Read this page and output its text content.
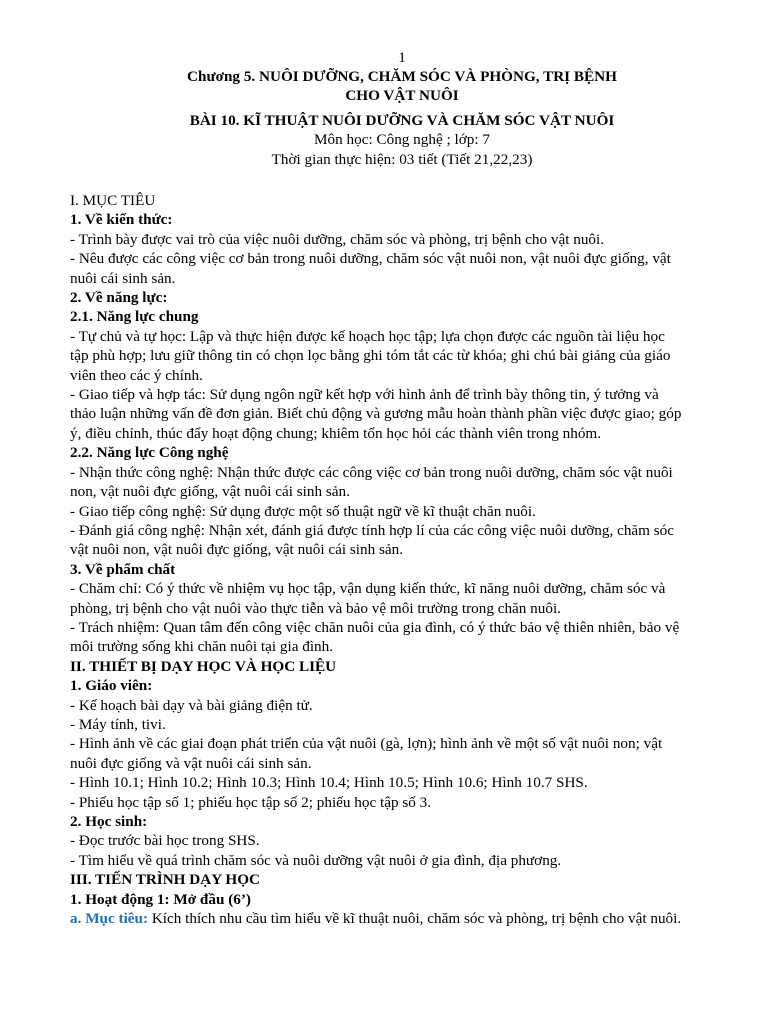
1
Chương 5. NUÔI DƯỠNG, CHĂM SÓC VÀ PHÒNG, TRỊ BỆNH
CHO VẬT NUÔI
BÀI 10. KĨ THUẬT NUÔI DƯỠNG VÀ CHĂM SÓC VẬT NUÔI
Môn học: Công nghệ ; lớp: 7
Thời gian thực hiện: 03 tiết (Tiết 21,22,23)
I. MỤC TIÊU
1. Về kiến thức:
- Trình bày được vai trò của việc nuôi dưỡng, chăm sóc và phòng, trị bệnh cho vật nuôi.
- Nêu được các công việc cơ bản trong nuôi dưỡng, chăm sóc vật nuôi non, vật nuôi đực giống, vật
nuôi cái sinh sản.
2. Về năng lực:
2.1. Năng lực chung
- Tự chủ và tự học: Lập và thực hiện được kế hoạch học tập; lựa chọn được các nguồn tài liệu học
tập phù hợp; lưu giữ thông tin có chọn lọc bằng ghi tóm tắt các từ khóa; ghi chú bài giảng của giáo
viên theo các ý chính.
- Giao tiếp và hợp tác: Sử dụng ngôn ngữ kết hợp với hình ảnh để trình bày thông tin, ý tưởng và
thảo luận những vấn đề đơn giản. Biết chủ động và gương mẫu hoàn thành phần việc được giao; góp
ý, điều chỉnh, thúc đẩy hoạt động chung; khiêm tốn học hỏi các thành viên trong nhóm.
2.2. Năng lực Công nghệ
- Nhận thức công nghệ: Nhận thức được các công việc cơ bản trong nuôi dưỡng, chăm sóc vật nuôi
non, vật nuôi đực giống, vật nuôi cái sinh sản.
- Giao tiếp công nghệ: Sử dụng được một số thuật ngữ về kĩ thuật chăn nuôi.
- Đánh giá công nghệ: Nhận xét, đánh giá được tính hợp lí của các công việc nuôi dưỡng, chăm sóc
vật nuôi non, vật nuôi đực giống, vật nuôi cái sinh sản.
3. Về phẩm chất
- Chăm chỉ: Có ý thức về nhiệm vụ học tập, vận dụng kiến thức, kĩ năng nuôi dưỡng, chăm sóc và
phòng, trị bệnh cho vật nuôi vào thực tiễn và bảo vệ môi trường trong chăn nuôi.
- Trách nhiệm: Quan tâm đến công việc chăn nuôi của gia đình, có ý thức bảo vệ thiên nhiên, bảo vệ
môi trường sống khi chăn nuôi tại gia đình.
II. THIẾT BỊ DẠY HỌC VÀ HỌC LIỆU
1. Giáo viên:
- Kế hoạch bài dạy và bài giảng điện tử.
- Máy tính, tivi.
- Hình ảnh về các giai đoạn phát triển của vật nuôi (gà, lợn); hình ảnh về một số vật nuôi non; vật
nuôi đực giống và vật nuôi cái sinh sản.
- Hình 10.1; Hình 10.2; Hình 10.3; Hình 10.4; Hình 10.5; Hình 10.6; Hình 10.7 SHS.
- Phiếu học tập số 1; phiếu học tập số 2; phiếu học tập số 3.
2. Học sinh:
- Đọc trước bài học trong SHS.
- Tìm hiểu về quá trình chăm sóc và nuôi dưỡng vật nuôi ở gia đình, địa phương.
III. TIẾN TRÌNH DẠY HỌC
1. Hoạt động 1: Mở đầu (6’)
a. Mục tiêu: Kích thích nhu cầu tìm hiểu về kĩ thuật nuôi, chăm sóc và phòng, trị bệnh cho vật nuôi.
